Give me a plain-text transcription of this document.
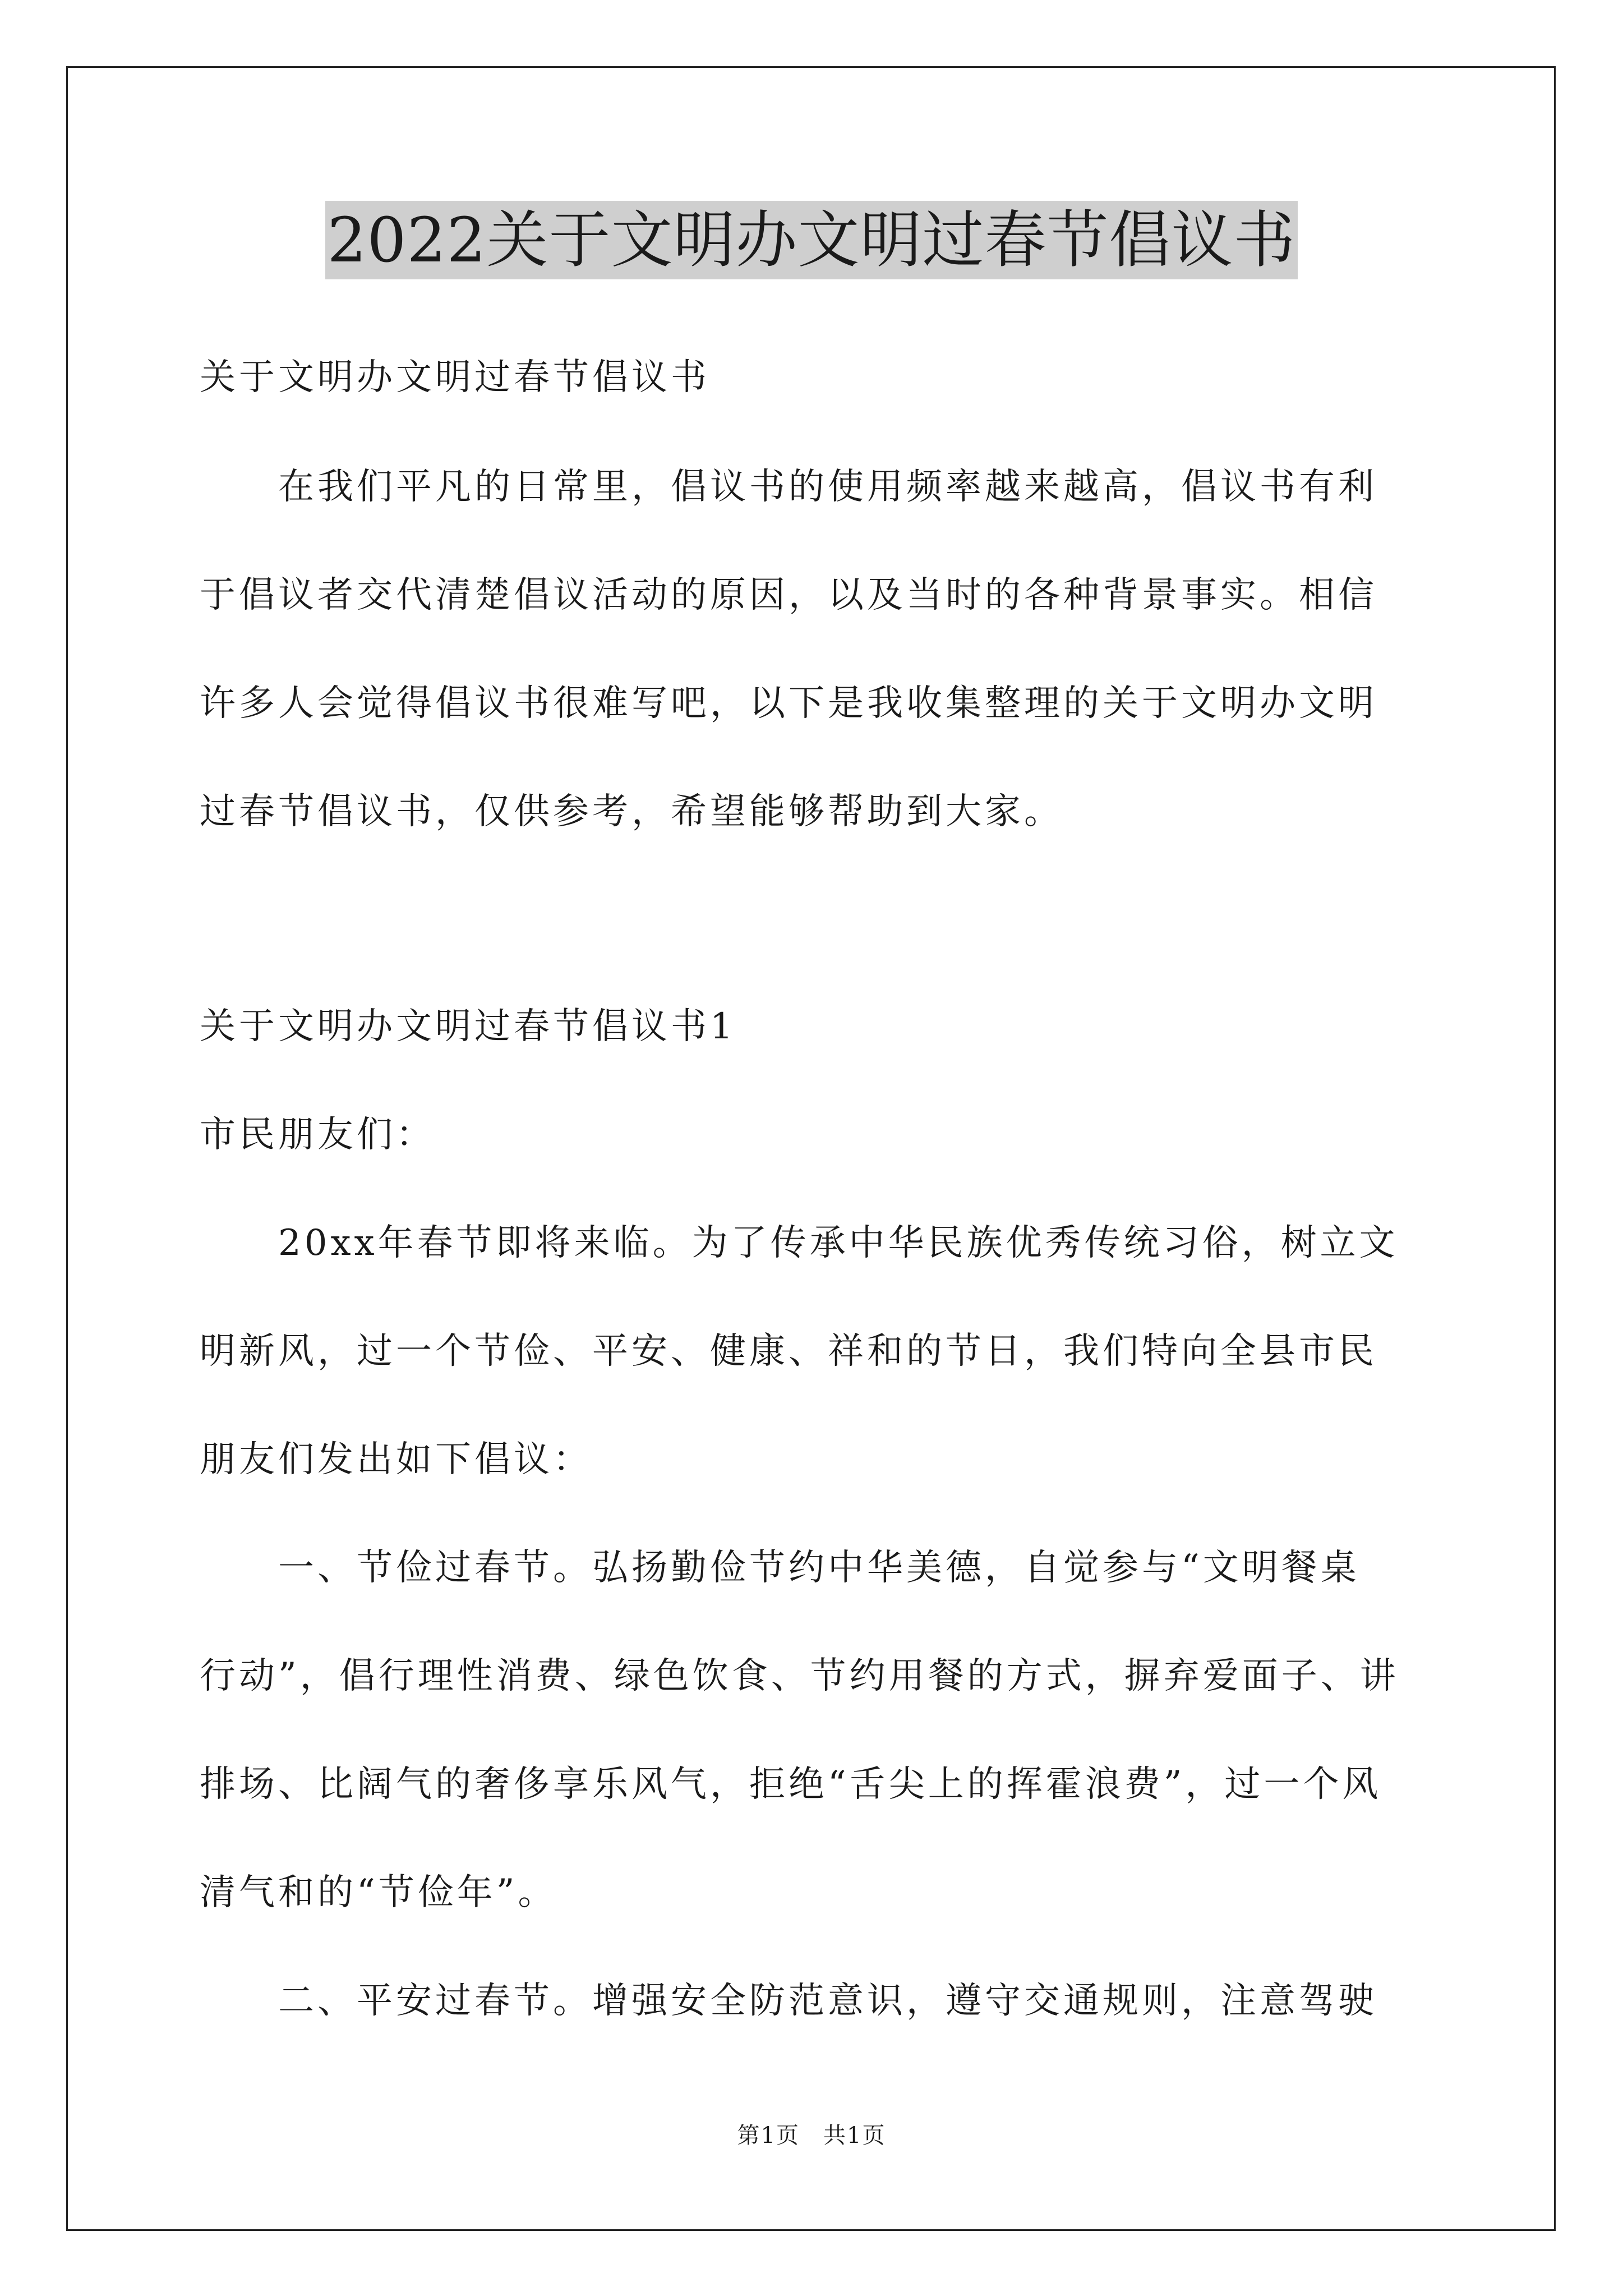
2022关于文明办文明过春节倡议书
关于文明办文明过春节倡议书
在我们平凡的日常里，倡议书的使用频率越来越高，倡议书有利
于倡议者交代清楚倡议活动的原因，以及当时的各种背景事实。相信
许多人会觉得倡议书很难写吧，以下是我收集整理的关于文明办文明
过春节倡议书，仅供参考，希望能够帮助到大家。
关于文明办文明过春节倡议书1
市民朋友们：
20xx年春节即将来临。为了传承中华民族优秀传统习俗，树立文
明新风，过一个节俭、平安、健康、祥和的节日，我们特向全县市民
朋友们发出如下倡议：
一、节俭过春节。弘扬勤俭节约中华美德，自觉参与“文明餐桌
行动”，倡行理性消费、绿色饮食、节约用餐的方式，摒弃爱面子、讲
排场、比阔气的奢侈享乐风气，拒绝“舌尖上的挥霍浪费”，过一个风
清气和的“节俭年”。
二、平安过春节。增强安全防范意识，遵守交通规则，注意驾驶
第1页　共1页
